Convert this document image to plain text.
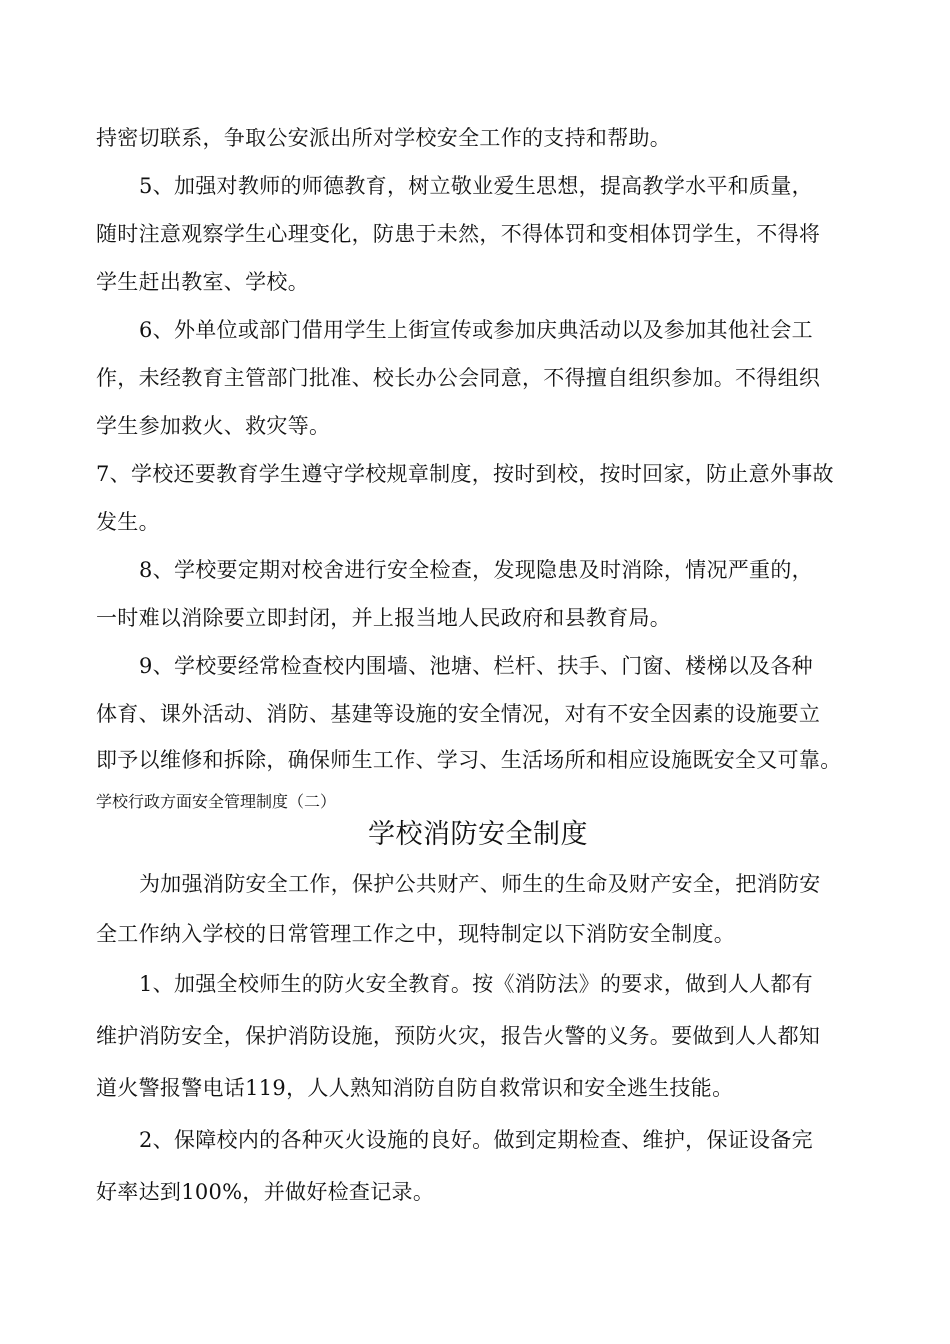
持密切联系，争取公安派出所对学校安全工作的支持和帮助。
5、加强对教师的师德教育，树立敬业爱生思想，提高教学水平和质量，
随时注意观察学生心理变化，防患于未然，不得体罚和变相体罚学生，不得将
学生赶出教室、学校。
6、外单位或部门借用学生上街宣传或参加庆典活动以及参加其他社会工
作，未经教育主管部门批准、校长办公会同意，不得擅自组织参加。不得组织
学生参加救火、救灾等。
7、学校还要教育学生遵守学校规章制度，按时到校，按时回家，防止意外事故
发生。
8、学校要定期对校舍进行安全检查，发现隐患及时消除，情况严重的，
一时难以消除要立即封闭，并上报当地人民政府和县教育局。
9、学校要经常检查校内围墙、池塘、栏杆、扶手、门窗、楼梯以及各种
体育、课外活动、消防、基建等设施的安全情况，对有不安全因素的设施要立
即予以维修和拆除，确保师生工作、学习、生活场所和相应设施既安全又可靠。
学校行政方面安全管理制度（二）
学校消防安全制度
为加强消防安全工作，保护公共财产、师生的生命及财产安全，把消防安
全工作纳入学校的日常管理工作之中，现特制定以下消防安全制度。
1、加强全校师生的防火安全教育。按《消防法》的要求，做到人人都有
维护消防安全，保护消防设施，预防火灾，报告火警的义务。要做到人人都知
道火警报警电话119，人人熟知消防自防自救常识和安全逃生技能。
2、保障校内的各种灭火设施的良好。做到定期检查、维护，保证设备完
好率达到100%，并做好检查记录。
